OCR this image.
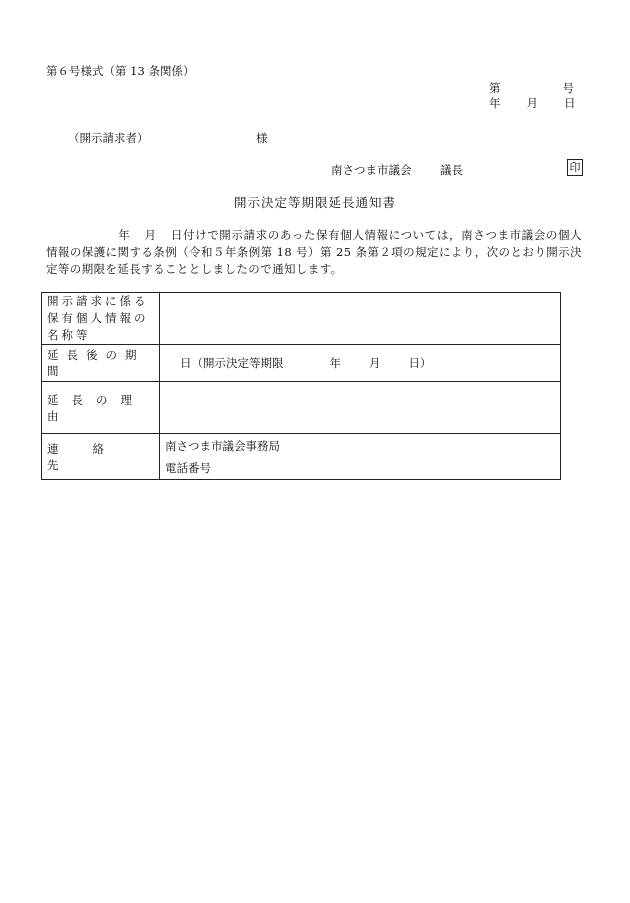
第６号様式（第 13 条関係）
第	号
年 月 日
（開示請求者）	様
南さつま市議会 議長	印
開示決定等期限延長通知書
年 月 日付けで開示請求のあった保有個人情報については，南さつま市議会の個人情報の保護に関する条例（令和５年条例第 18 号）第 25 条第２項の規定により，次のとおり開示決定等の期限を延長することとしましたので通知します。
開示請求に係る保有個人情報の名称等	
延長後の期間	日（開示決定等期限 年 月 日）
延長の理由	
連絡先	南さつま市議会事務局
電話番号
